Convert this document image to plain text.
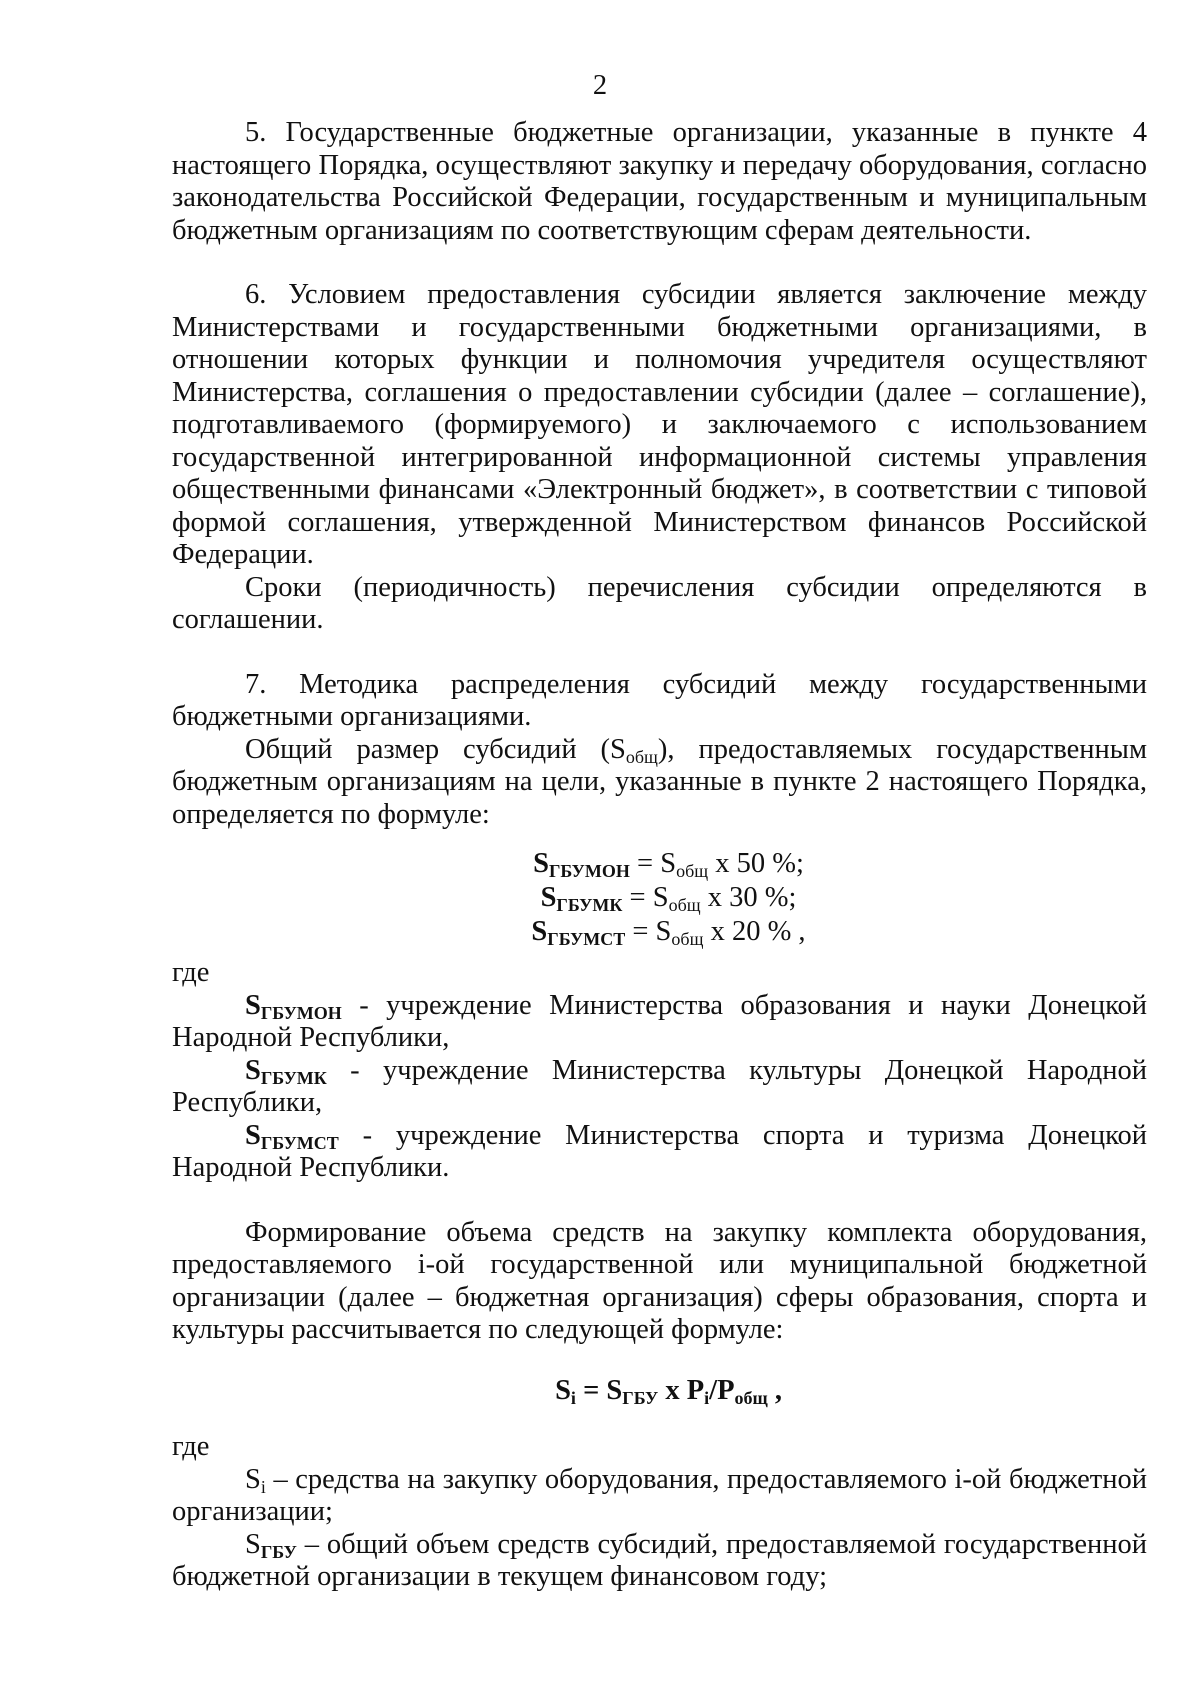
2

5. Государственные бюджетные организации, указанные в пункте 4 настоящего Порядка, осуществляют закупку и передачу оборудования, согласно законодательства Российской Федерации, государственным и муниципальным бюджетным организациям по соответствующим сферам деятельности.

6. Условием предоставления субсидии является заключение между Министерствами и государственными бюджетными организациями, в отношении которых функции и полномочия учредителя осуществляют Министерства, соглашения о предоставлении субсидии (далее – соглашение), подготавливаемого (формируемого) и заключаемого с использованием государственной интегрированной информационной системы управления общественными финансами «Электронный бюджет», в соответствии с типовой формой соглашения, утвержденной Министерством финансов Российской Федерации.

Сроки (периодичность) перечисления субсидии определяются в соглашении.

7. Методика распределения субсидий между государственными бюджетными организациями.

Общий размер субсидий $(S_{общ})$, предоставляемых государственным бюджетным организациям на цели, указанные в пункте 2 настоящего Порядка, определяется по формуле:

$S_{ГБУМОН} = S_{общ}$ x 50 %;
$S_{ГБУМК} = S_{общ}$ x 30 %;
$S_{ГБУМСТ} = S_{общ}$ x 20 % ,

где

$S_{ГБУМОН}$ - учреждение Министерства образования и науки Донецкой Народной Республики,

$S_{ГБУМК}$ - учреждение Министерства культуры Донецкой Народной Республики,

$S_{ГБУМСТ}$ - учреждение Министерства спорта и туризма Донецкой Народной Республики.

Формирование объема средств на закупку комплекта оборудования, предоставляемого i-ой государственной или муниципальной бюджетной организации (далее – бюджетная организация) сферы образования, спорта и культуры рассчитывается по следующей формуле:

$S_i = S_{ГБУ}$ x $P_i/P_{общ}$ ,

где

$S_i$ – средства на закупку оборудования, предоставляемого i-ой бюджетной организации;

$S_{ГБУ}$ – общий объем средств субсидий, предоставляемой государственной бюджетной организации в текущем финансовом году;
